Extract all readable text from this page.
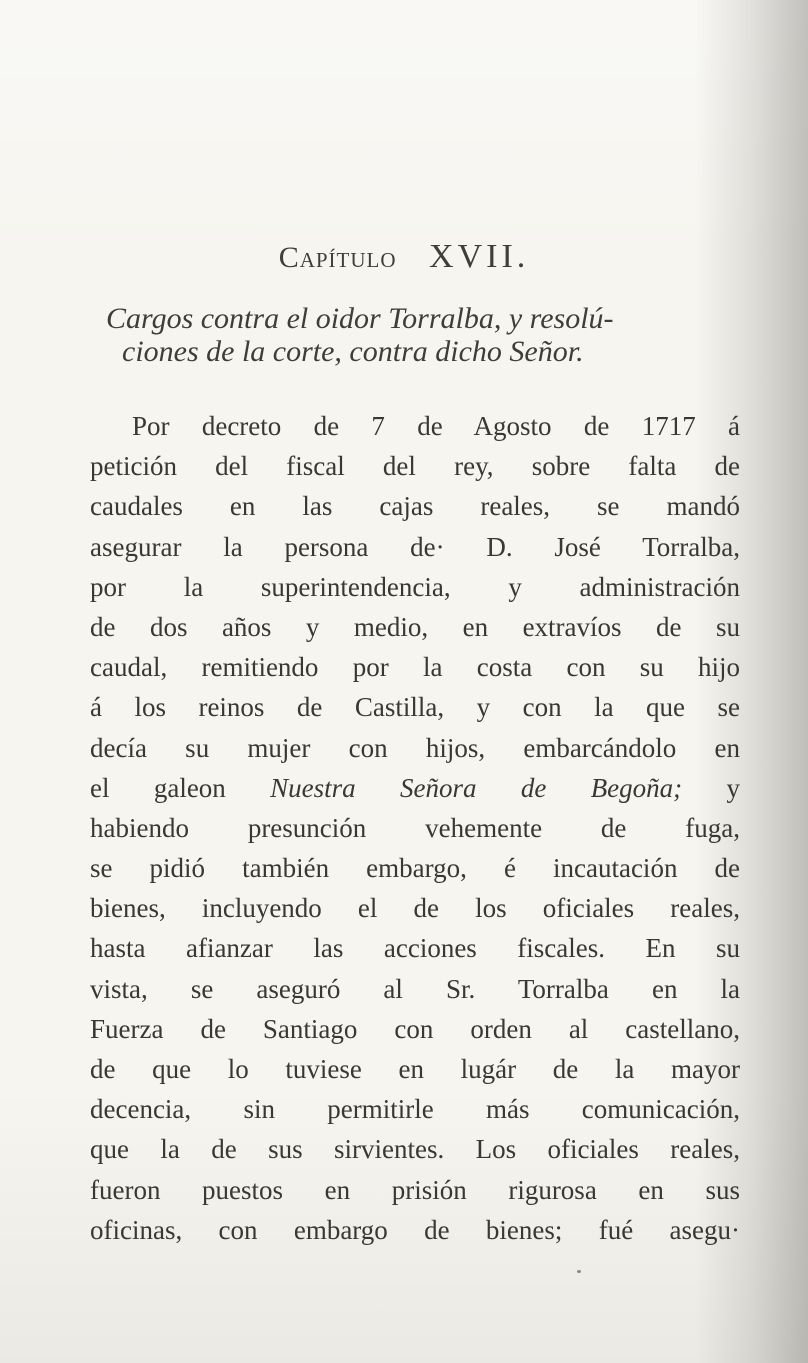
Capítulo XVII.
Cargos contra el oidor Torralba, y resolú-
ciones de la corte, contra dicho Señor.
Por decreto de 7 de Agosto de 1717 á
petición del fiscal del rey, sobre falta de
caudales en las cajas reales, se mandó
asegurar la persona de· D. José Torralba,
por la superintendencia, y administración
de dos años y medio, en extravíos de su
caudal, remitiendo por la costa con su hijo
á los reinos de Castilla, y con la que se
decía su mujer con hijos, embarcándolo en
el galeon Nuestra Señora de Begoña; y
habiendo presunción vehemente de fuga,
se pidió también embargo, é incautación de
bienes, incluyendo el de los oficiales reales,
hasta afianzar las acciones fiscales. En su
vista, se aseguró al Sr. Torralba en la
Fuerza de Santiago con orden al castellano,
de que lo tuviese en lugár de la mayor
decencia, sin permitirle más comunicación,
que la de sus sirvientes. Los oficiales reales,
fueron puestos en prisión rigurosa en sus
oficinas, con embargo de bienes; fué asegu·
